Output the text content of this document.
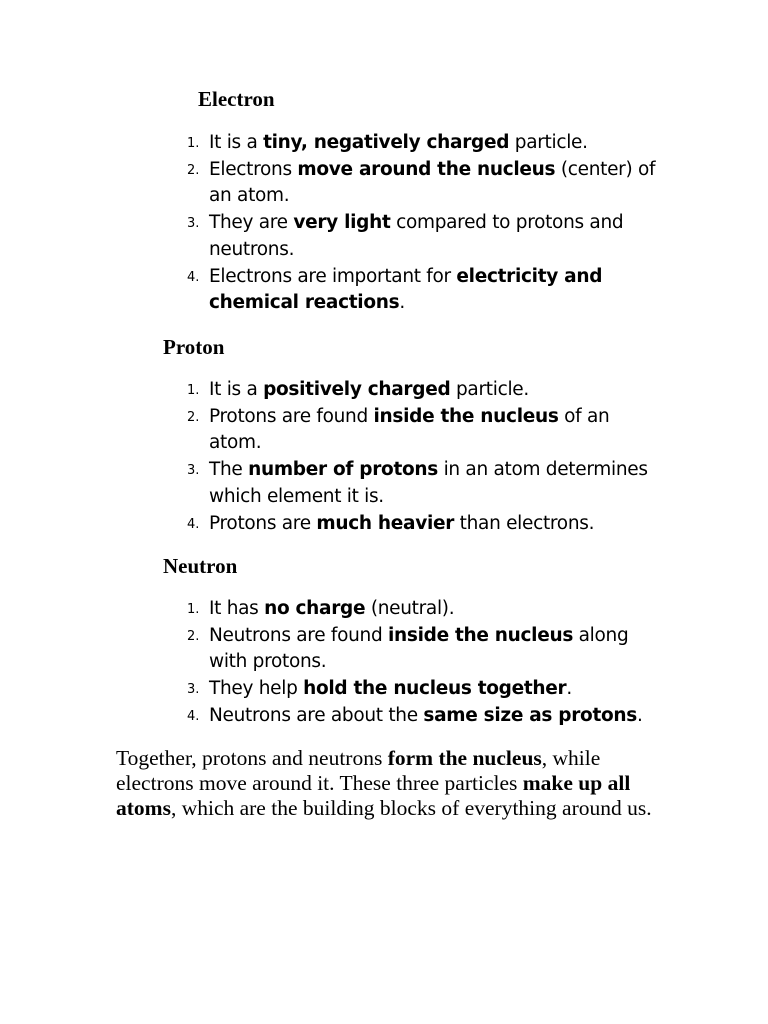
Electron
1. It is a tiny, negatively charged particle.
2. Electrons move around the nucleus (center) of an atom.
3. They are very light compared to protons and neutrons.
4. Electrons are important for electricity and chemical reactions.
Proton
1. It is a positively charged particle.
2. Protons are found inside the nucleus of an atom.
3. The number of protons in an atom determines which element it is.
4. Protons are much heavier than electrons.
Neutron
1. It has no charge (neutral).
2. Neutrons are found inside the nucleus along with protons.
3. They help hold the nucleus together.
4. Neutrons are about the same size as protons.

Together, protons and neutrons form the nucleus, while electrons move around it. These three particles make up all atoms, which are the building blocks of everything around us.
